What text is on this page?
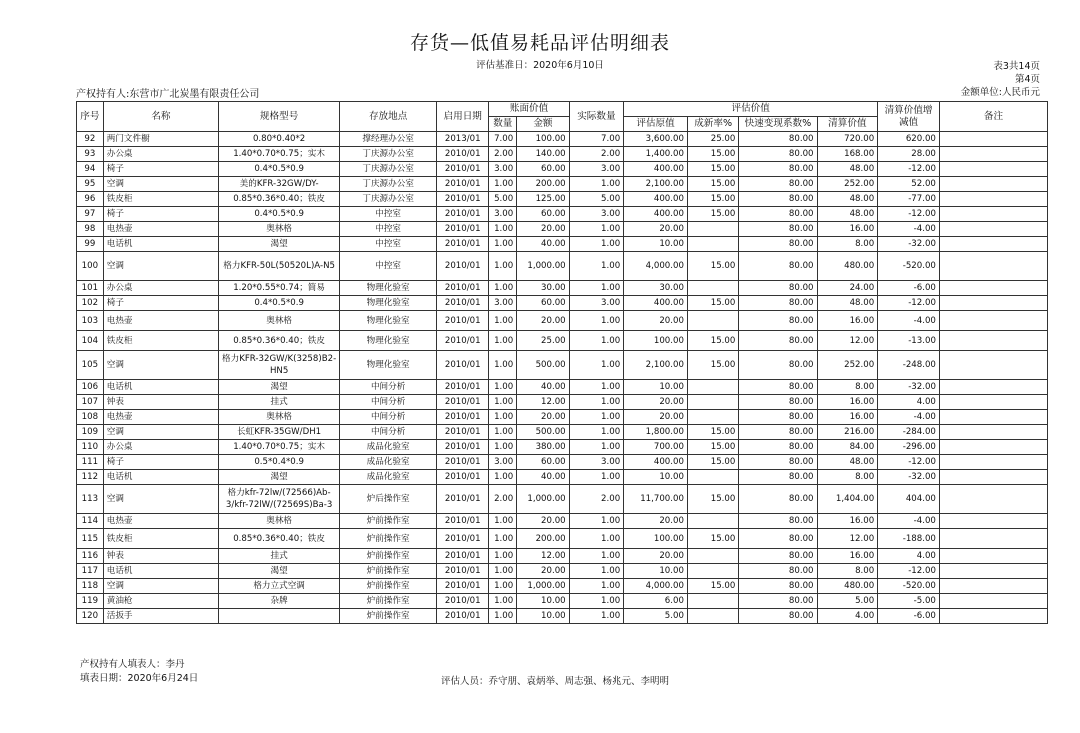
存货—低值易耗品评估明细表
评估基准日：2020年6月10日	表3共14页
第4页
金额单位:人民币元
产权持有人:东营市广北炭墨有限责任公司
序号	名称	规格型号	存放地点	启用日期	账面价值		实际数量	评估价值				清算价值增减值	备注
					数量	金额		评估原值	成新率%	快速变现系数%	清算价值		
92	两门文件橱	0.80*0.40*2	撑经理办公室	2013/01	7.00	100.00	7.00	3,600.00	25.00	80.00	720.00	620.00	
93	办公桌	1.40*0.70*0.75；实木	丁庆源办公室	2010/01	2.00	140.00	2.00	1,400.00	15.00	80.00	168.00	28.00	
94	椅子	0.4*0.5*0.9	丁庆源办公室	2010/01	3.00	60.00	3.00	400.00	15.00	80.00	48.00	-12.00	
95	空调	美的KFR-32GW/DY-	丁庆源办公室	2010/01	1.00	200.00	1.00	2,100.00	15.00	80.00	252.00	52.00	
96	铁皮柜	0.85*0.36*0.40；铁皮	丁庆源办公室	2010/01	5.00	125.00	5.00	400.00	15.00	80.00	48.00	-77.00	
97	椅子	0.4*0.5*0.9	中控室	2010/01	3.00	60.00	3.00	400.00	15.00	80.00	48.00	-12.00	
98	电热壶	奥林格	中控室	2010/01	1.00	20.00	1.00	20.00		80.00	16.00	-4.00	
99	电话机	渴望	中控室	2010/01	1.00	40.00	1.00	10.00		80.00	8.00	-32.00	
100	空调	格力KFR-50L(50520L)A-N5	中控室	2010/01	1.00	1,000.00	1.00	4,000.00	15.00	80.00	480.00	-520.00	
101	办公桌	1.20*0.55*0.74；简易	物理化验室	2010/01	1.00	30.00	1.00	30.00		80.00	24.00	-6.00	
102	椅子	0.4*0.5*0.9	物理化验室	2010/01	3.00	60.00	3.00	400.00	15.00	80.00	48.00	-12.00	
103	电热壶	奥林格	物理化验室	2010/01	1.00	20.00	1.00	20.00		80.00	16.00	-4.00	
104	铁皮柜	0.85*0.36*0.40；铁皮	物理化验室	2010/01	1.00	25.00	1.00	100.00	15.00	80.00	12.00	-13.00	
105	空调	格力KFR-32GW/K(3258)B2-HN5	物理化验室	2010/01	1.00	500.00	1.00	2,100.00	15.00	80.00	252.00	-248.00	
106	电话机	渴望	中间分析	2010/01	1.00	40.00	1.00	10.00		80.00	8.00	-32.00	
107	钟表	挂式	中间分析	2010/01	1.00	12.00	1.00	20.00		80.00	16.00	4.00	
108	电热壶	奥林格	中间分析	2010/01	1.00	20.00	1.00	20.00		80.00	16.00	-4.00	
109	空调	长虹KFR-35GW/DH1	中间分析	2010/01	1.00	500.00	1.00	1,800.00	15.00	80.00	216.00	-284.00	
110	办公桌	1.40*0.70*0.75；实木	成品化验室	2010/01	1.00	380.00	1.00	700.00	15.00	80.00	84.00	-296.00	
111	椅子	0.5*0.4*0.9	成品化验室	2010/01	3.00	60.00	3.00	400.00	15.00	80.00	48.00	-12.00	
112	电话机	渴望	成品化验室	2010/01	1.00	40.00	1.00	10.00		80.00	8.00	-32.00	
113	空调	格力kfr-72lw/(72566)Ab-3/kfr-72lW/(72569S)Ba-3	炉后操作室	2010/01	2.00	1,000.00	2.00	11,700.00	15.00	80.00	1,404.00	404.00	
114	电热壶	奥林格	炉前操作室	2010/01	1.00	20.00	1.00	20.00		80.00	16.00	-4.00	
115	铁皮柜	0.85*0.36*0.40；铁皮	炉前操作室	2010/01	1.00	200.00	1.00	100.00	15.00	80.00	12.00	-188.00	
116	钟表	挂式	炉前操作室	2010/01	1.00	12.00	1.00	20.00		80.00	16.00	4.00	
117	电话机	渴望	炉前操作室	2010/01	1.00	20.00	1.00	10.00		80.00	8.00	-12.00	
118	空调	格力立式空调	炉前操作室	2010/01	1.00	1,000.00	1.00	4,000.00	15.00	80.00	480.00	-520.00	
119	黄油枪	杂牌	炉前操作室	2010/01	1.00	10.00	1.00	6.00		80.00	5.00	-5.00	
120	活扳手		炉前操作室	2010/01	1.00	10.00	1.00	5.00		80.00	4.00	-6.00	
产权持有人填表人：李丹
填表日期：2020年6月24日	评估人员：乔守朋、袁炳举、周志强、杨兆元、李明明
